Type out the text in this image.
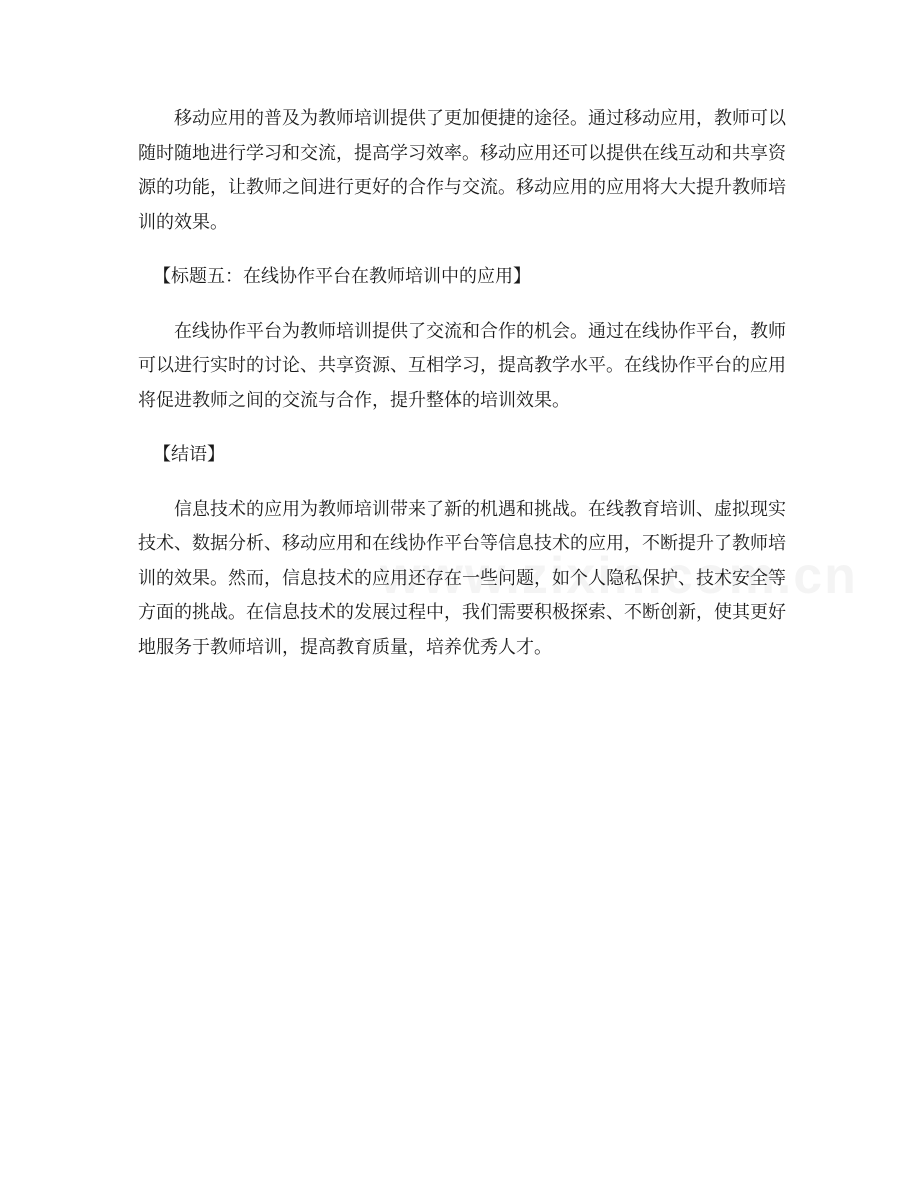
移动应用的普及为教师培训提供了更加便捷的途径。通过移动应用，教师可以随时随地进行学习和交流，提高学习效率。移动应用还可以提供在线互动和共享资源的功能，让教师之间进行更好的合作与交流。移动应用的应用将大大提升教师培训的效果。

【标题五：在线协作平台在教师培训中的应用】

在线协作平台为教师培训提供了交流和合作的机会。通过在线协作平台，教师可以进行实时的讨论、共享资源、互相学习，提高教学水平。在线协作平台的应用将促进教师之间的交流与合作，提升整体的培训效果。

【结语】

信息技术的应用为教师培训带来了新的机遇和挑战。在线教育培训、虚拟现实技术、数据分析、移动应用和在线协作平台等信息技术的应用，不断提升了教师培训的效果。然而，信息技术的应用还存在一些问题，如个人隐私保护、技术安全等方面的挑战。在信息技术的发展过程中，我们需要积极探索、不断创新，使其更好地服务于教师培训，提高教育质量，培养优秀人才。
